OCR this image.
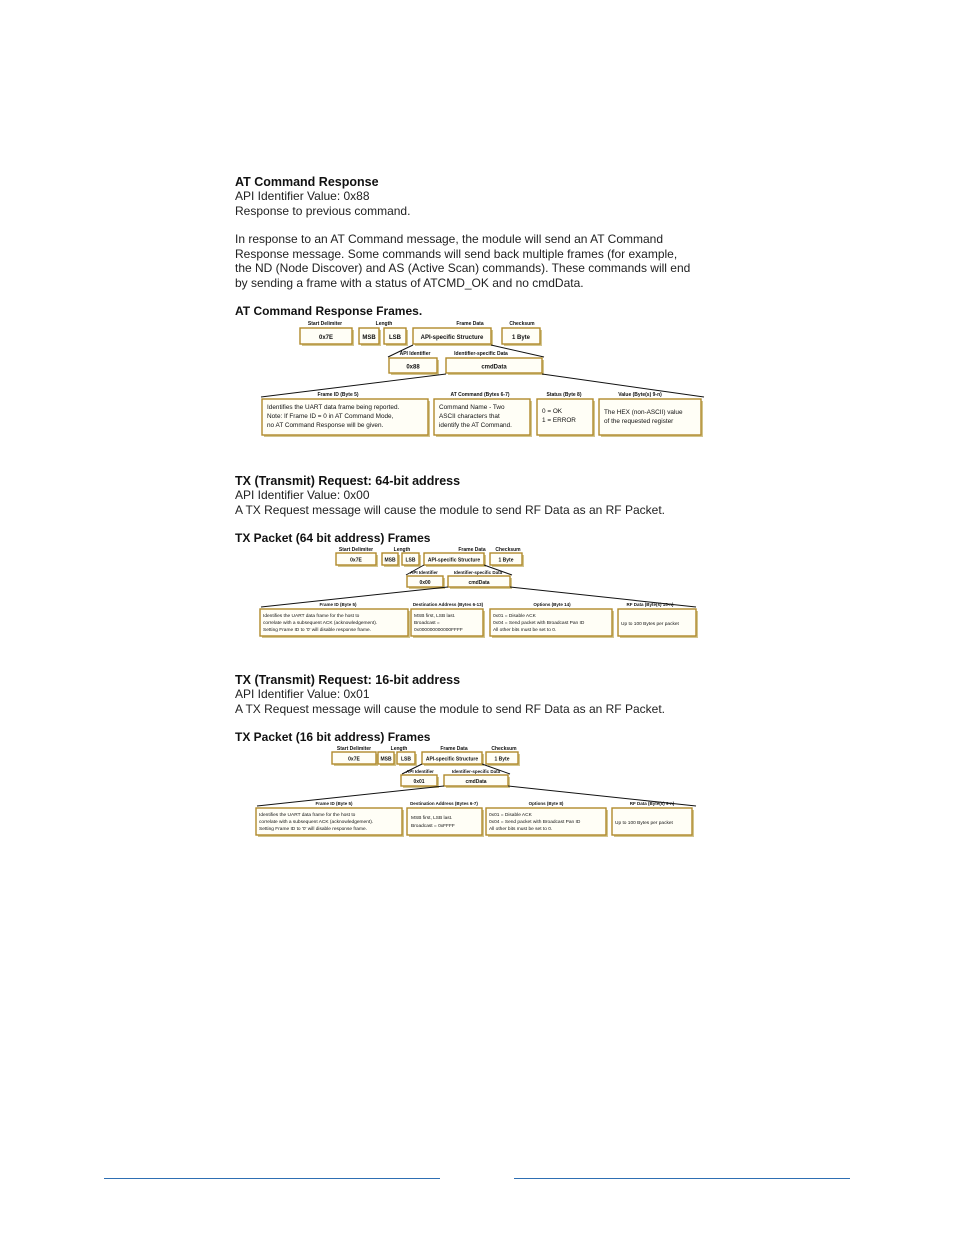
AT Command Response

API Identifier Value: 0x88

Response to previous command.

In response to an AT Command message, the module will send an AT Command

Response message. Some commands will send back multiple frames (for example,

the ND (Node Discover) and AS (Active Scan) commands). These commands will end

by sending a frame with a status of ATCMD_OK and no cmdData.

AT Command Response Frames.
Start Delimiter	Length	Frame Data	Checksum
0x7E	MSB LSB	API-specific Structure	1 Byte
API Identifier	Identifier-specific Data
0x88	cmdData
Frame ID (Byte 5)	AT Command (Bytes 6-7)	Status (Byte 8)	Value (Byte(s) 9-n)
Identifies the UART data frame being reported.
Note: If Frame ID = 0 in AT Command Mode,
no AT Command Response will be given.
Command Name - Two
ASCII characters that
identify the AT Command.
0 = OK
1 = ERROR
The HEX (non-ASCII) value
of the requested register

TX (Transmit) Request: 64-bit address

API Identifier Value: 0x00

A TX Request message will cause the module to send RF Data as an RF Packet.

TX Packet (64 bit address) Frames
Start Delimiter	Length	Frame Data Checksum
0x7E	MSB LSB API-specific Structure	1 Byte
API Identifier	Identifier-specific Data
0x00	cmdData
Frame ID (Byte 5)	Destination Address (Bytes 6-13)	Options (Byte 14)	RF Data (Byte(s) 15-n)
Identifies the UART data frame for the host to
correlate with a subsequent ACK (acknowledgement).
Setting Frame ID to '0' will disable response frame.
MSB first, LSB last.
Broadcast =
0x000000000000FFFF
0x01 = Disable ACK
0x04 = Send packet with Broadcast Pan ID
All other bits must be set to 0.
Up to 100 Bytes per packet

TX (Transmit) Request: 16-bit address

API Identifier Value: 0x01

A TX Request message will cause the module to send RF Data as an RF Packet.

TX Packet (16 bit address) Frames
Start Delimiter	Length	Frame Data	Checksum
0x7E	MSB LSB	API-specific Structure	1 Byte
API Identifier	Identifier-specific Data
0x01	cmdData
Frame ID (Byte 5)	Destination Address (Bytes 6-7)	Options (Byte 8)	RF Data (Byte(s) 9-n)
Identifies the UART data frame for the host to
correlate with a subsequent ACK (acknowledgement).
Setting Frame ID to '0' will disable response frame.
MSB first, LSB last.
Broadcast = 0xFFFF
0x01 = Disable ACK
0x04 = Send packet with Broadcast Pan ID
All other bits must be set to 0.
Up to 100 Bytes per packet
